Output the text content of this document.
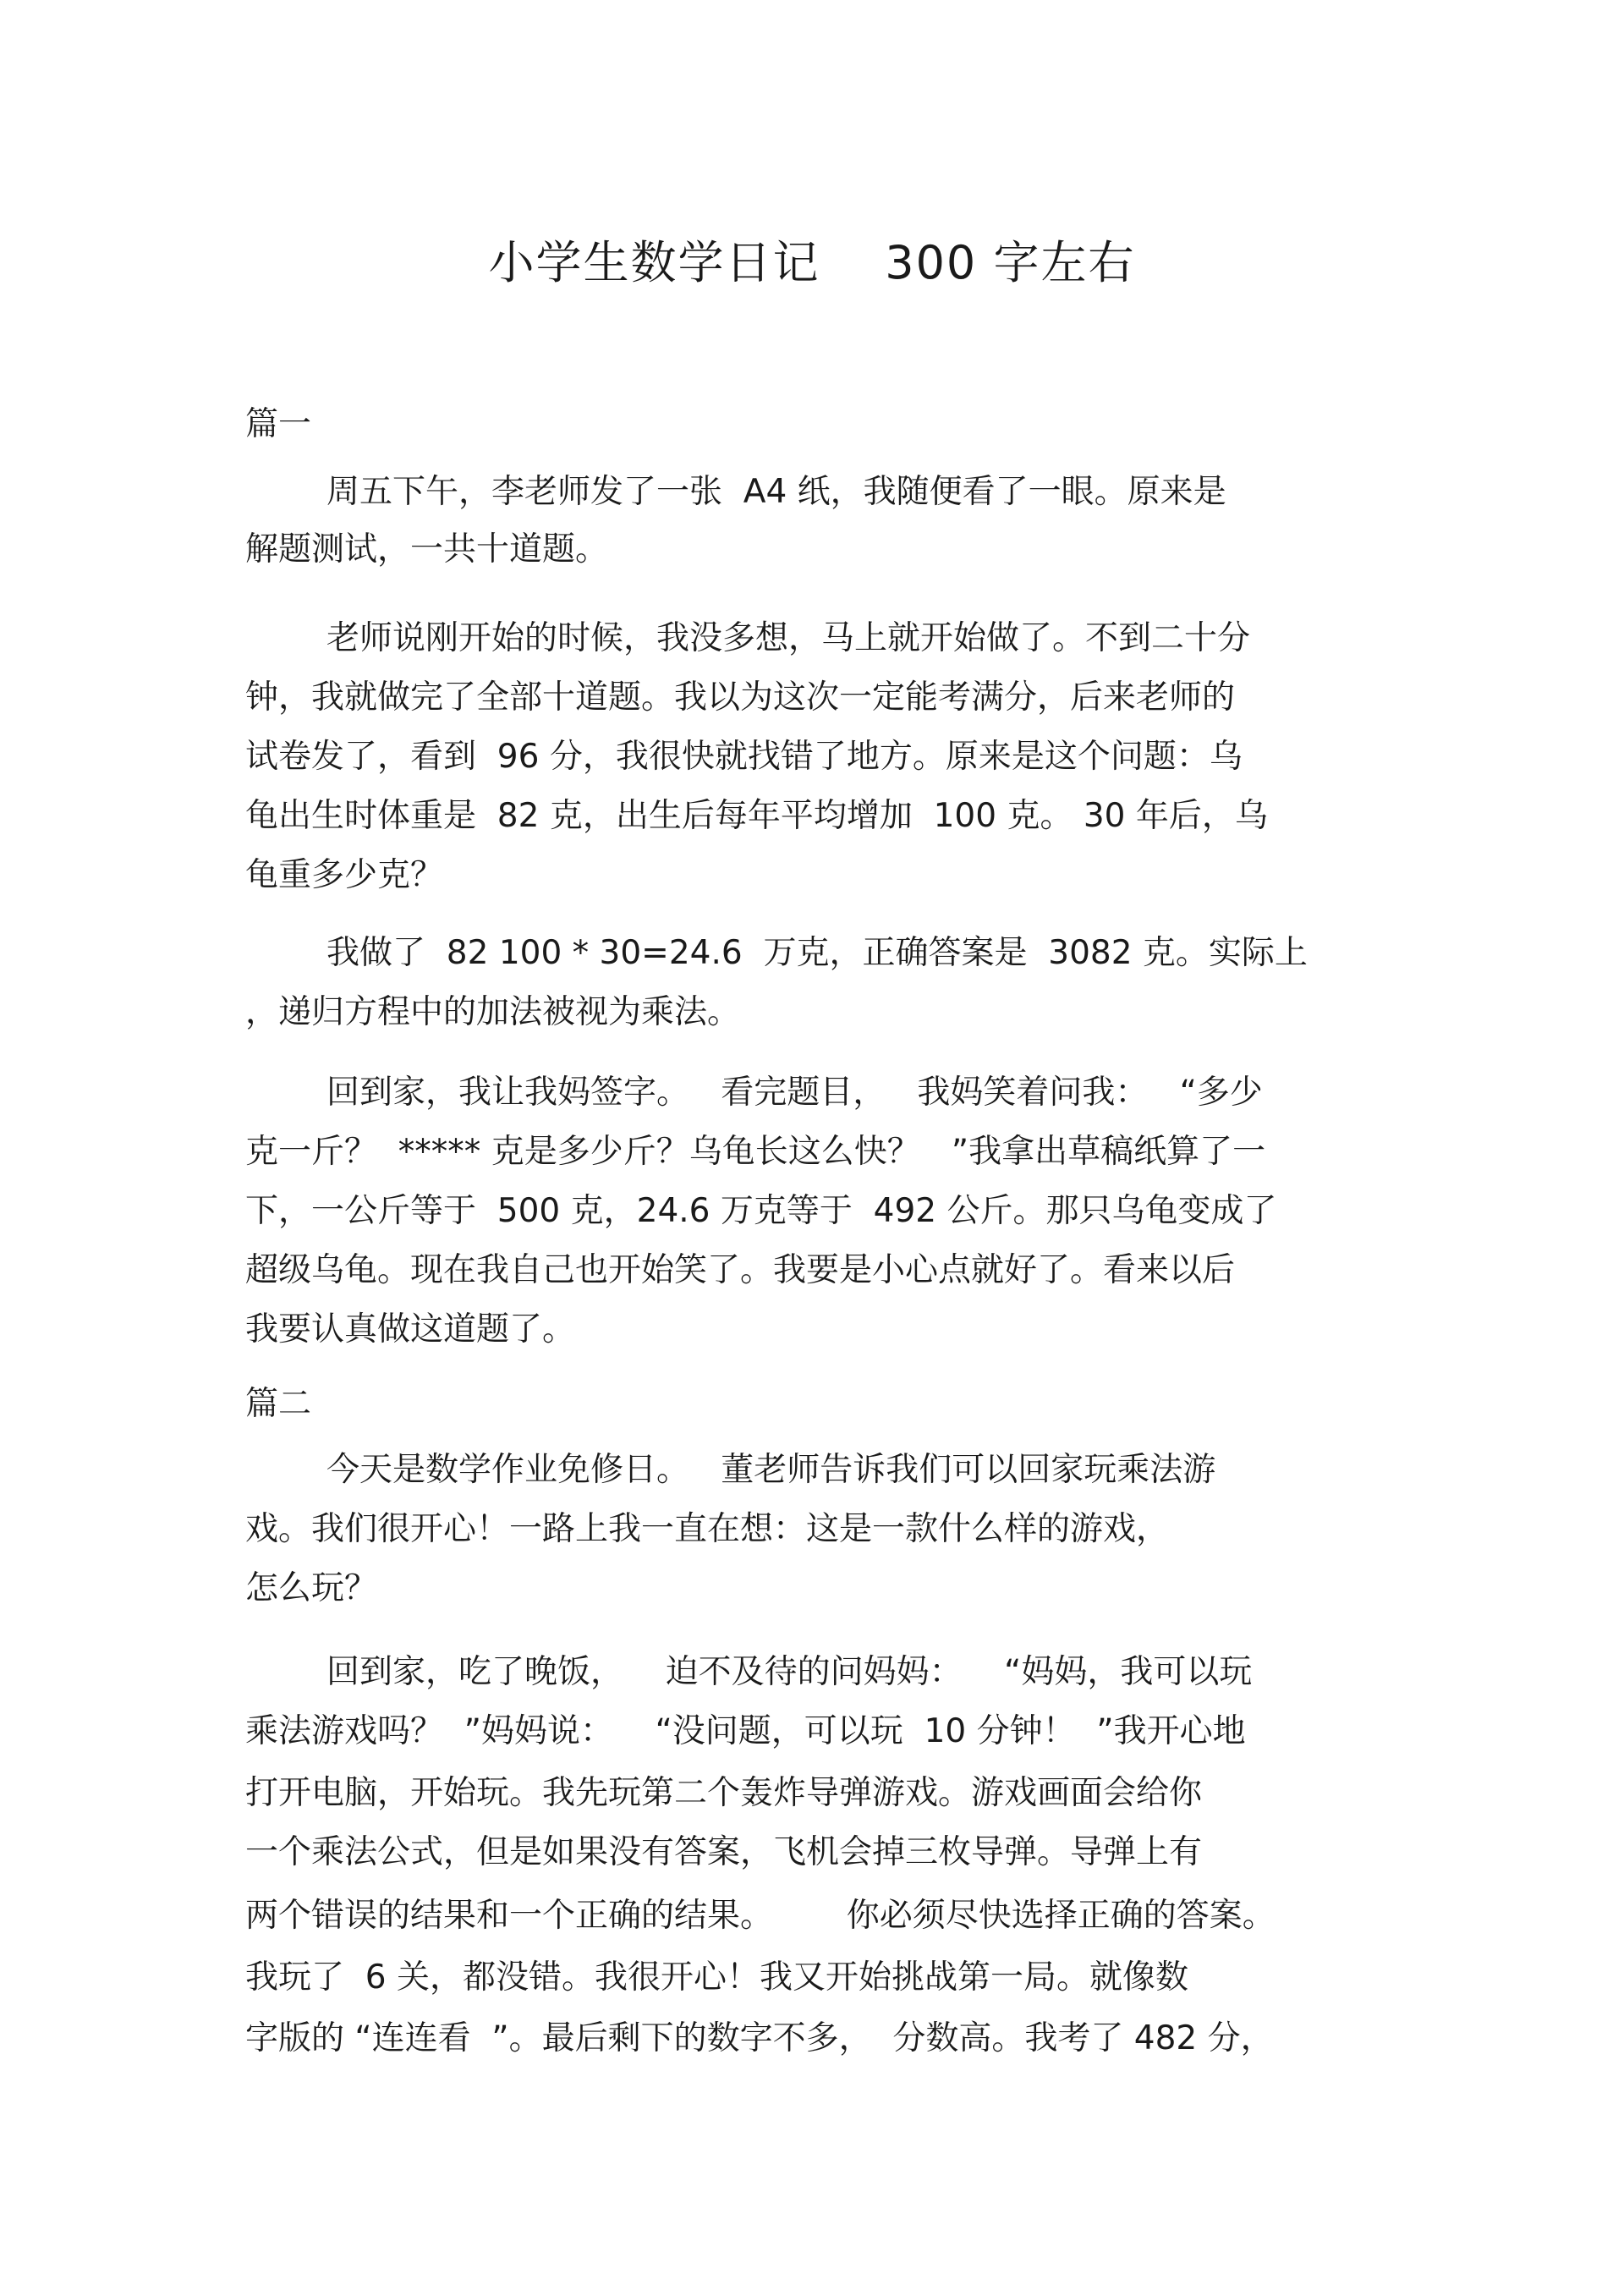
小学生数学日记    300 字左右
篇一
周五下午，李老师发了一张  A4 纸，我随便看了一眼。原来是
解题测试，一共十道题。
老师说刚开始的时候，我没多想，马上就开始做了。不到二十分
钟，我就做完了全部十道题。我以为这次一定能考满分，后来老师的
试卷发了，看到  96 分，我很快就找错了地方。原来是这个问题：乌
龟出生时体重是  82 克，出生后每年平均增加  100 克。 30 年后，乌
龟重多少克？
我做了  82 100 * 30=24.6  万克，正确答案是  3082 克。实际上
，递归方程中的加法被视为乘法。
回到家，我让我妈签字。   看完题目，   我妈笑着问我：   “多少
克一斤？  ***** 克是多少斤？乌龟长这么快？   ”我拿出草稿纸算了一
下，一公斤等于  500 克，24.6 万克等于  492 公斤。那只乌龟变成了
超级乌龟。现在我自己也开始笑了。我要是小心点就好了。看来以后
我要认真做这道题了。
篇二
今天是数学作业免修日。   董老师告诉我们可以回家玩乘法游
戏。我们很开心！一路上我一直在想：这是一款什么样的游戏，
怎么玩？
回到家，吃了晚饭，    迫不及待的问妈妈：    “妈妈，我可以玩
乘法游戏吗？  ”妈妈说：    “没问题，可以玩  10 分钟！  ”我开心地
打开电脑，开始玩。我先玩第二个轰炸导弹游戏。游戏画面会给你
一个乘法公式，但是如果没有答案，飞机会掉三枚导弹。导弹上有
两个错误的结果和一个正确的结果。       你必须尽快选择正确的答案。
我玩了  6 关，都没错。我很开心！我又开始挑战第一局。就像数
字版的 “连连看  ”。最后剩下的数字不多，  分数高。我考了 482 分，
